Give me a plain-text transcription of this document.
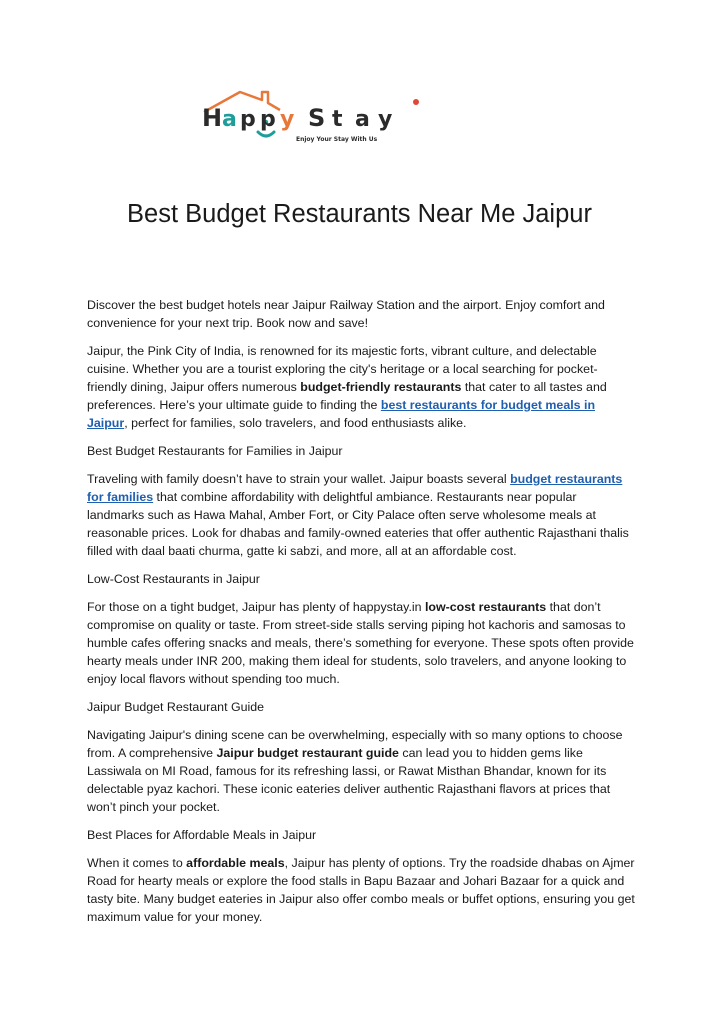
H a p p y S t a y
Enjoy Your Stay With Us
Best Budget Restaurants Near Me Jaipur

Discover the best budget hotels near Jaipur Railway Station and the airport. Enjoy comfort and convenience for your next trip. Book now and save!

Jaipur, the Pink City of India, is renowned for its majestic forts, vibrant culture, and delectable cuisine. Whether you are a tourist exploring the city's heritage or a local searching for pocket-friendly dining, Jaipur offers numerous budget-friendly restaurants that cater to all tastes and preferences. Here’s your ultimate guide to finding the best restaurants for budget meals in Jaipur, perfect for families, solo travelers, and food enthusiasts alike.

Best Budget Restaurants for Families in Jaipur

Traveling with family doesn’t have to strain your wallet. Jaipur boasts several budget restaurants for families that combine affordability with delightful ambiance. Restaurants near popular landmarks such as Hawa Mahal, Amber Fort, or City Palace often serve wholesome meals at reasonable prices. Look for dhabas and family-owned eateries that offer authentic Rajasthani thalis filled with daal baati churma, gatte ki sabzi, and more, all at an affordable cost.

Low-Cost Restaurants in Jaipur

For those on a tight budget, Jaipur has plenty of happystay.in low-cost restaurants that don’t compromise on quality or taste. From street-side stalls serving piping hot kachoris and samosas to humble cafes offering snacks and meals, there’s something for everyone. These spots often provide hearty meals under INR 200, making them ideal for students, solo travelers, and anyone looking to enjoy local flavors without spending too much.

Jaipur Budget Restaurant Guide

Navigating Jaipur's dining scene can be overwhelming, especially with so many options to choose from. A comprehensive Jaipur budget restaurant guide can lead you to hidden gems like Lassiwala on MI Road, famous for its refreshing lassi, or Rawat Misthan Bhandar, known for its delectable pyaz kachori. These iconic eateries deliver authentic Rajasthani flavors at prices that won’t pinch your pocket.

Best Places for Affordable Meals in Jaipur

When it comes to affordable meals, Jaipur has plenty of options. Try the roadside dhabas on Ajmer Road for hearty meals or explore the food stalls in Bapu Bazaar and Johari Bazaar for a quick and tasty bite. Many budget eateries in Jaipur also offer combo meals or buffet options, ensuring you get maximum value for your money.
